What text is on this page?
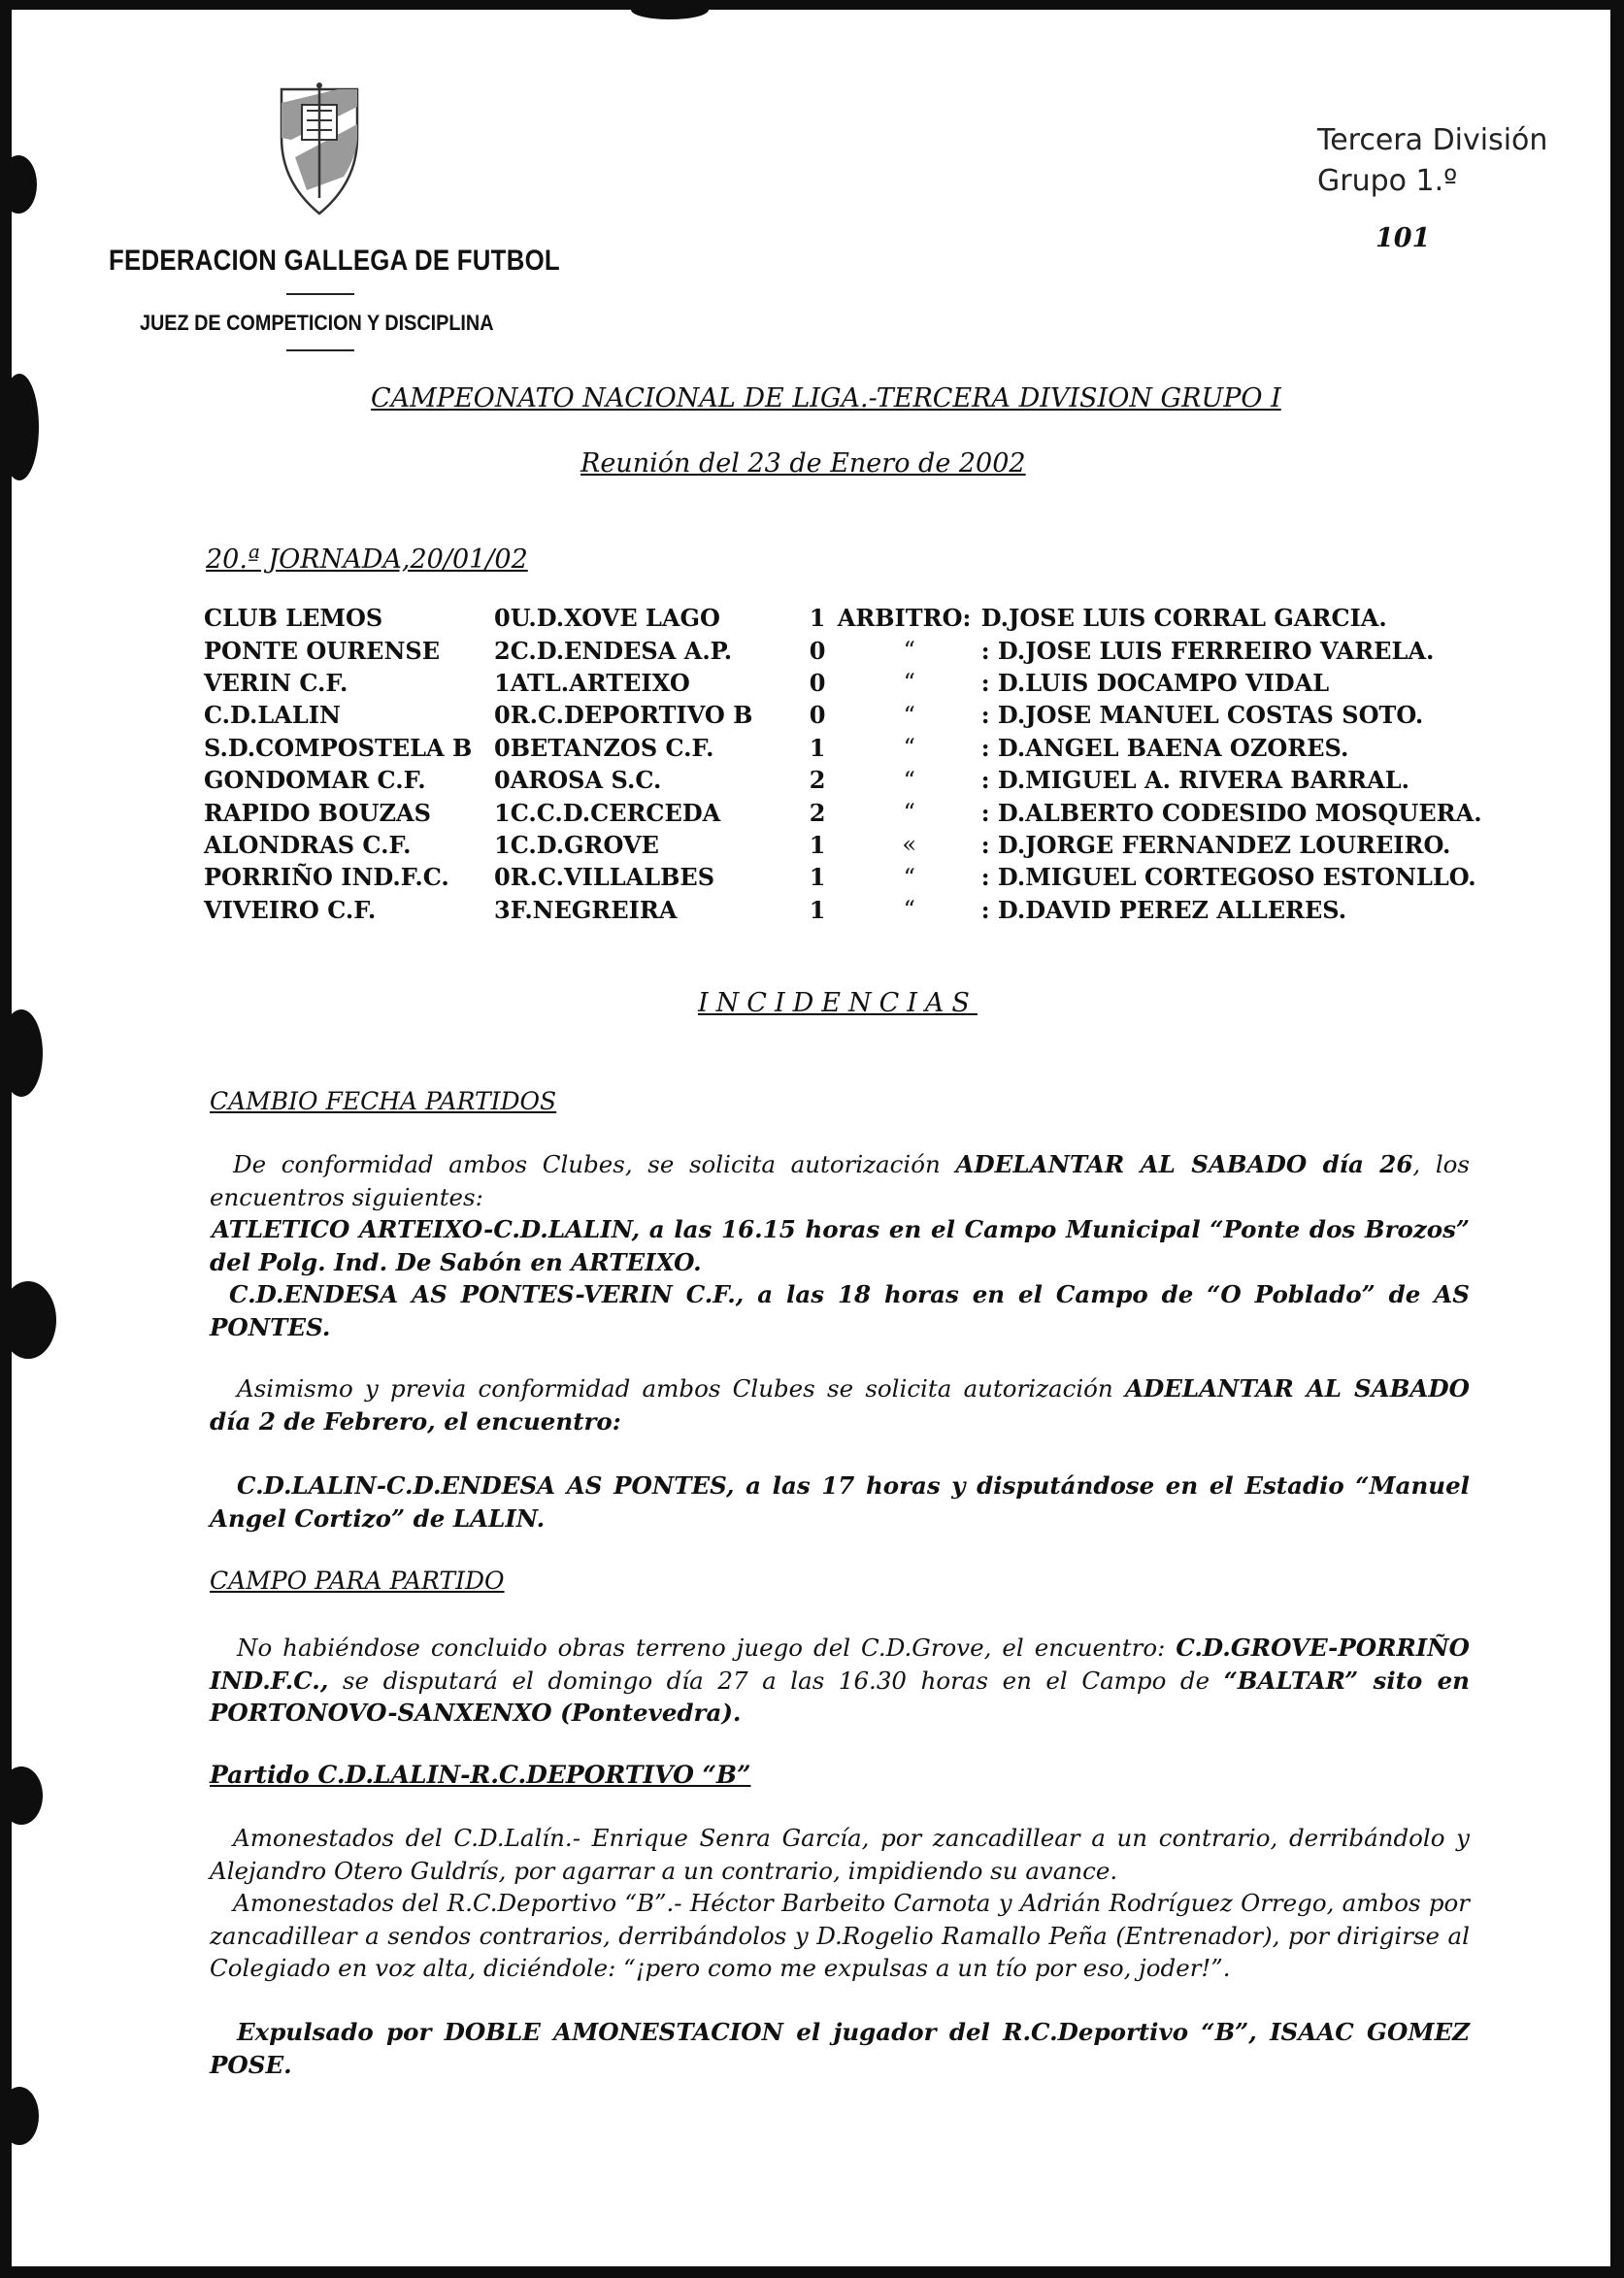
FEDERACION GALLEGA DE FUTBOL
JUEZ DE COMPETICION Y DISCIPLINA
Tercera División
Grupo 1.º
101
CAMPEONATO NACIONAL DE LIGA.-TERCERA DIVISION GRUPO I
Reunión del 23 de Enero de 2002
20.ª JORNADA,20/01/02
CLUB LEMOS	0	U.D.XOVE LAGO	1	ARBITRO:	D.JOSE LUIS CORRAL GARCIA.
PONTE OURENSE	2	C.D.ENDESA A.P.	0	“	: D.JOSE LUIS FERREIRO VARELA.
VERIN C.F.	1	ATL.ARTEIXO	0	“	: D.LUIS DOCAMPO VIDAL
C.D.LALIN	0	R.C.DEPORTIVO B	0	“	: D.JOSE MANUEL COSTAS SOTO.
S.D.COMPOSTELA B	0	BETANZOS C.F.	1	“	: D.ANGEL BAENA OZORES.
GONDOMAR C.F.	0	AROSA S.C.	2	“	: D.MIGUEL A. RIVERA BARRAL.
RAPIDO BOUZAS	1	C.C.D.CERCEDA	2	“	: D.ALBERTO CODESIDO MOSQUERA.
ALONDRAS C.F.	1	C.D.GROVE	1	«	: D.JORGE FERNANDEZ LOUREIRO.
PORRIÑO IND.F.C.	0	R.C.VILLALBES	1	“	: D.MIGUEL CORTEGOSO ESTONLLO.
VIVEIRO C.F.	3	F.NEGREIRA	1	“	: D.DAVID PEREZ ALLERES.
INCIDENCIAS
CAMBIO FECHA PARTIDOS

De conformidad ambos Clubes, se solicita autorización ADELANTAR AL SABADO día 26, los encuentros siguientes:

ATLETICO ARTEIXO-C.D.LALIN, a las 16.15 horas en el Campo Municipal “Ponte dos Brozos” del Polg. Ind. De Sabón en ARTEIXO.

C.D.ENDESA AS PONTES-VERIN C.F., a las 18 horas en el Campo de “O Poblado” de AS PONTES.

Asimismo y previa conformidad ambos Clubes se solicita autorización ADELANTAR AL SABADO día 2 de Febrero, el encuentro:

C.D.LALIN-C.D.ENDESA AS PONTES, a las 17 horas y disputándose en el Estadio “Manuel Angel Cortizo” de LALIN.

CAMPO PARA PARTIDO

No habiéndose concluido obras terreno juego del C.D.Grove, el encuentro: C.D.GROVE-PORRIÑO IND.F.C., se disputará el domingo día 27 a las 16.30 horas en el Campo de “BALTAR” sito en PORTONOVO-SANXENXO (Pontevedra).

Partido C.D.LALIN-R.C.DEPORTIVO “B”

Amonestados del C.D.Lalín.- Enrique Senra García, por zancadillear a un contrario, derribándolo y Alejandro Otero Guldrís, por agarrar a un contrario, impidiendo su avance.

Amonestados del R.C.Deportivo “B”.- Héctor Barbeito Carnota y Adrián Rodríguez Orrego, ambos por zancadillear a sendos contrarios, derribándolos y D.Rogelio Ramallo Peña (Entrenador), por dirigirse al Colegiado en voz alta, diciéndole: “¡pero como me expulsas a un tío por eso, joder!”.

Expulsado por DOBLE AMONESTACION el jugador del R.C.Deportivo “B”, ISAAC GOMEZ POSE.
